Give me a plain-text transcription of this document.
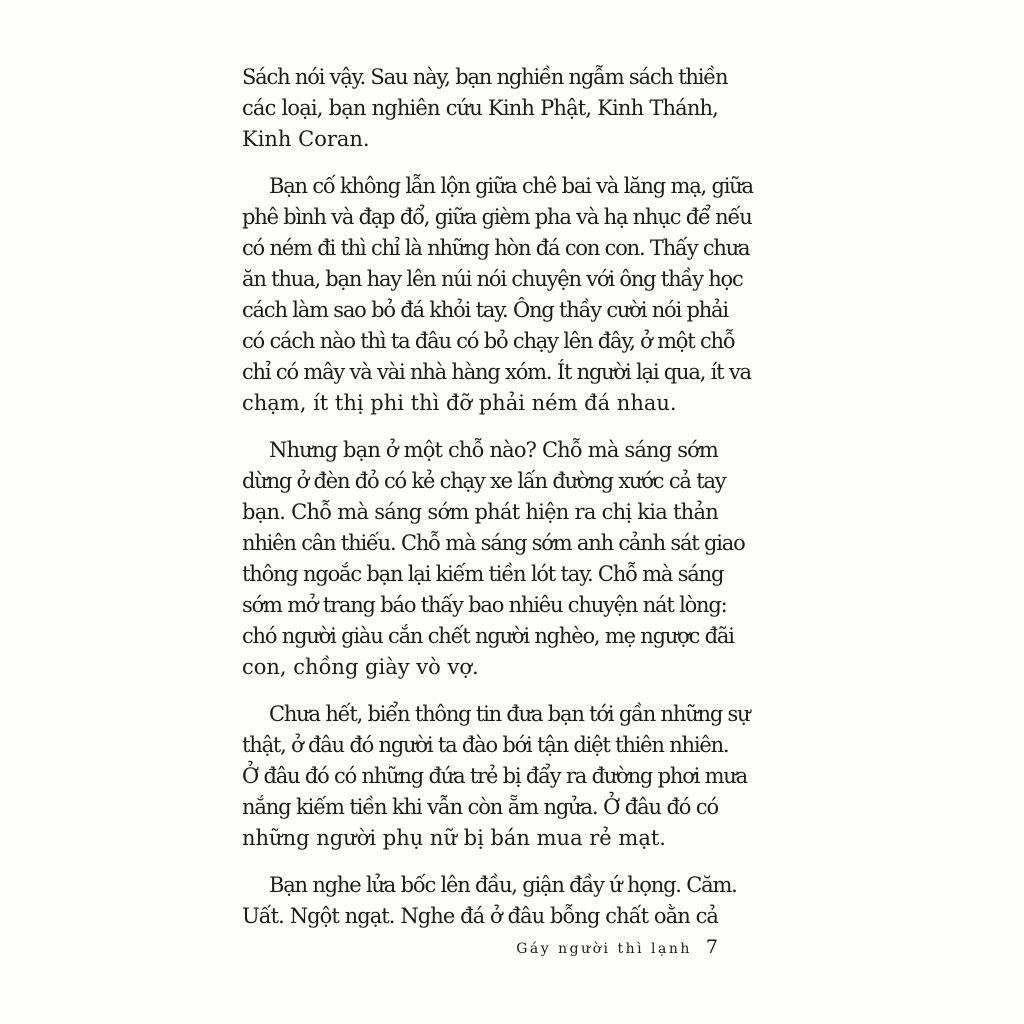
Sách nói vậy. Sau này, bạn nghiền ngẫm sách thiền
các loại, bạn nghiên cứu Kinh Phật, Kinh Thánh,
Kinh Coran.

Bạn cố không lẫn lộn giữa chê bai và lăng mạ, giữa
phê bình và đạp đổ, giữa gièm pha và hạ nhục để nếu
có ném đi thì chỉ là những hòn đá con con. Thấy chưa
ăn thua, bạn hay lên núi nói chuyện với ông thầy học
cách làm sao bỏ đá khỏi tay. Ông thầy cười nói phải
có cách nào thì ta đâu có bỏ chạy lên đây, ở một chỗ
chỉ có mây và vài nhà hàng xóm. Ít người lại qua, ít va
chạm, ít thị phi thì đỡ phải ném đá nhau.

Nhưng bạn ở một chỗ nào? Chỗ mà sáng sớm
dừng ở đèn đỏ có kẻ chạy xe lấn đường xước cả tay
bạn. Chỗ mà sáng sớm phát hiện ra chị kia thản
nhiên cân thiếu. Chỗ mà sáng sớm anh cảnh sát giao
thông ngoắc bạn lại kiếm tiền lót tay. Chỗ mà sáng
sớm mở trang báo thấy bao nhiêu chuyện nát lòng:
chó người giàu cắn chết người nghèo, mẹ ngược đãi
con, chồng giày vò vợ.

Chưa hết, biển thông tin đưa bạn tới gần những sự
thật, ở đâu đó người ta đào bới tận diệt thiên nhiên.
Ở đâu đó có những đứa trẻ bị đẩy ra đường phơi mưa
nắng kiếm tiền khi vẫn còn ẵm ngửa. Ở đâu đó có
những người phụ nữ bị bán mua rẻ mạt.

Bạn nghe lửa bốc lên đầu, giận đầy ứ họng. Căm.
Uất. Ngột ngạt. Nghe đá ở đâu bỗng chất oằn cả

Gáy người thì lạnh 7
